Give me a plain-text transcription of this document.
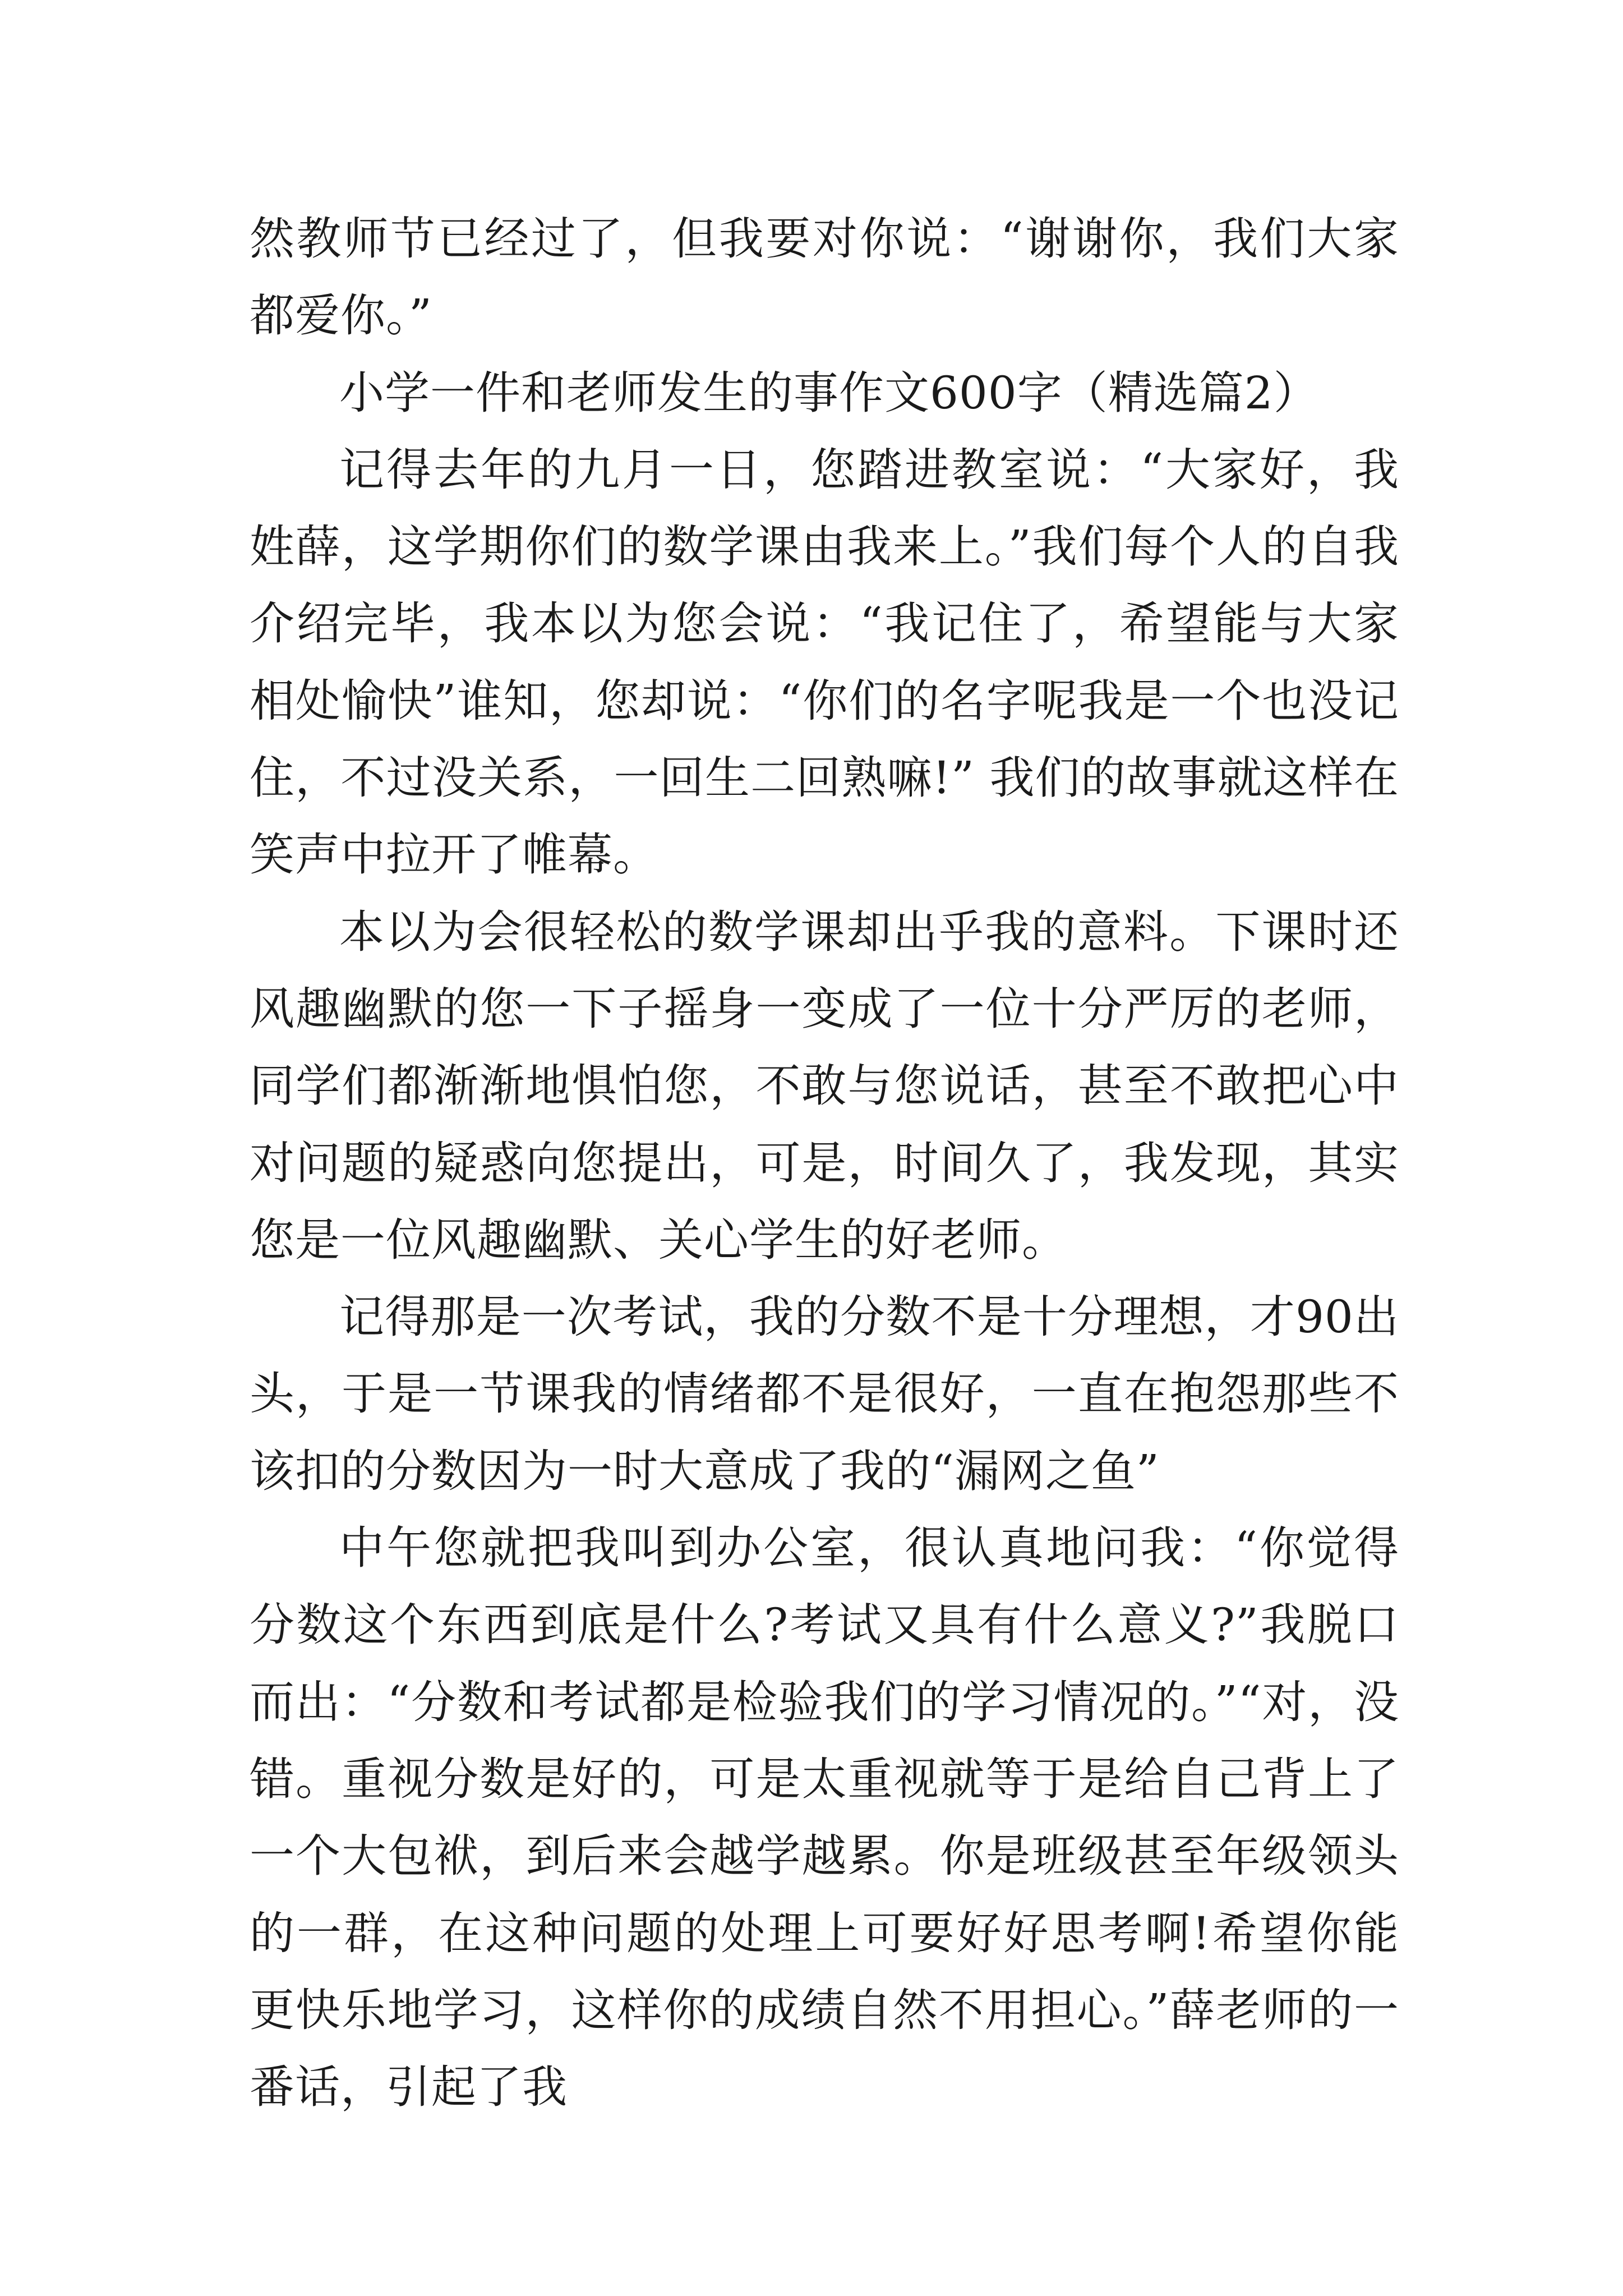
然教师节已经过了，但我要对你说：“谢谢你，我们大家都爱你。”

小学一件和老师发生的事作文600字（精选篇2）

记得去年的九月一日，您踏进教室说：“大家好，我姓薛，这学期你们的数学课由我来上。”我们每个人的自我介绍完毕，我本以为您会说：“我记住了，希望能与大家相处愉快”谁知，您却说：“你们的名字呢我是一个也没记住，不过没关系，一回生二回熟嘛!” 我们的故事就这样在笑声中拉开了帷幕。

本以为会很轻松的数学课却出乎我的意料。下课时还风趣幽默的您一下子摇身一变成了一位十分严厉的老师，同学们都渐渐地惧怕您，不敢与您说话，甚至不敢把心中对问题的疑惑向您提出，可是，时间久了，我发现，其实您是一位风趣幽默、关心学生的好老师。

记得那是一次考试，我的分数不是十分理想，才90出头，于是一节课我的情绪都不是很好，一直在抱怨那些不该扣的分数因为一时大意成了我的“漏网之鱼”

中午您就把我叫到办公室，很认真地问我：“你觉得分数这个东西到底是什么?考试又具有什么意义?”我脱口而出：“分数和考试都是检验我们的学习情况的。”“对，没错。重视分数是好的，可是太重视就等于是给自己背上了一个大包袱，到后来会越学越累。你是班级甚至年级领头的一群，在这种问题的处理上可要好好思考啊!希望你能更快乐地学习，这样你的成绩自然不用担心。”薛老师的一番话，引起了我
